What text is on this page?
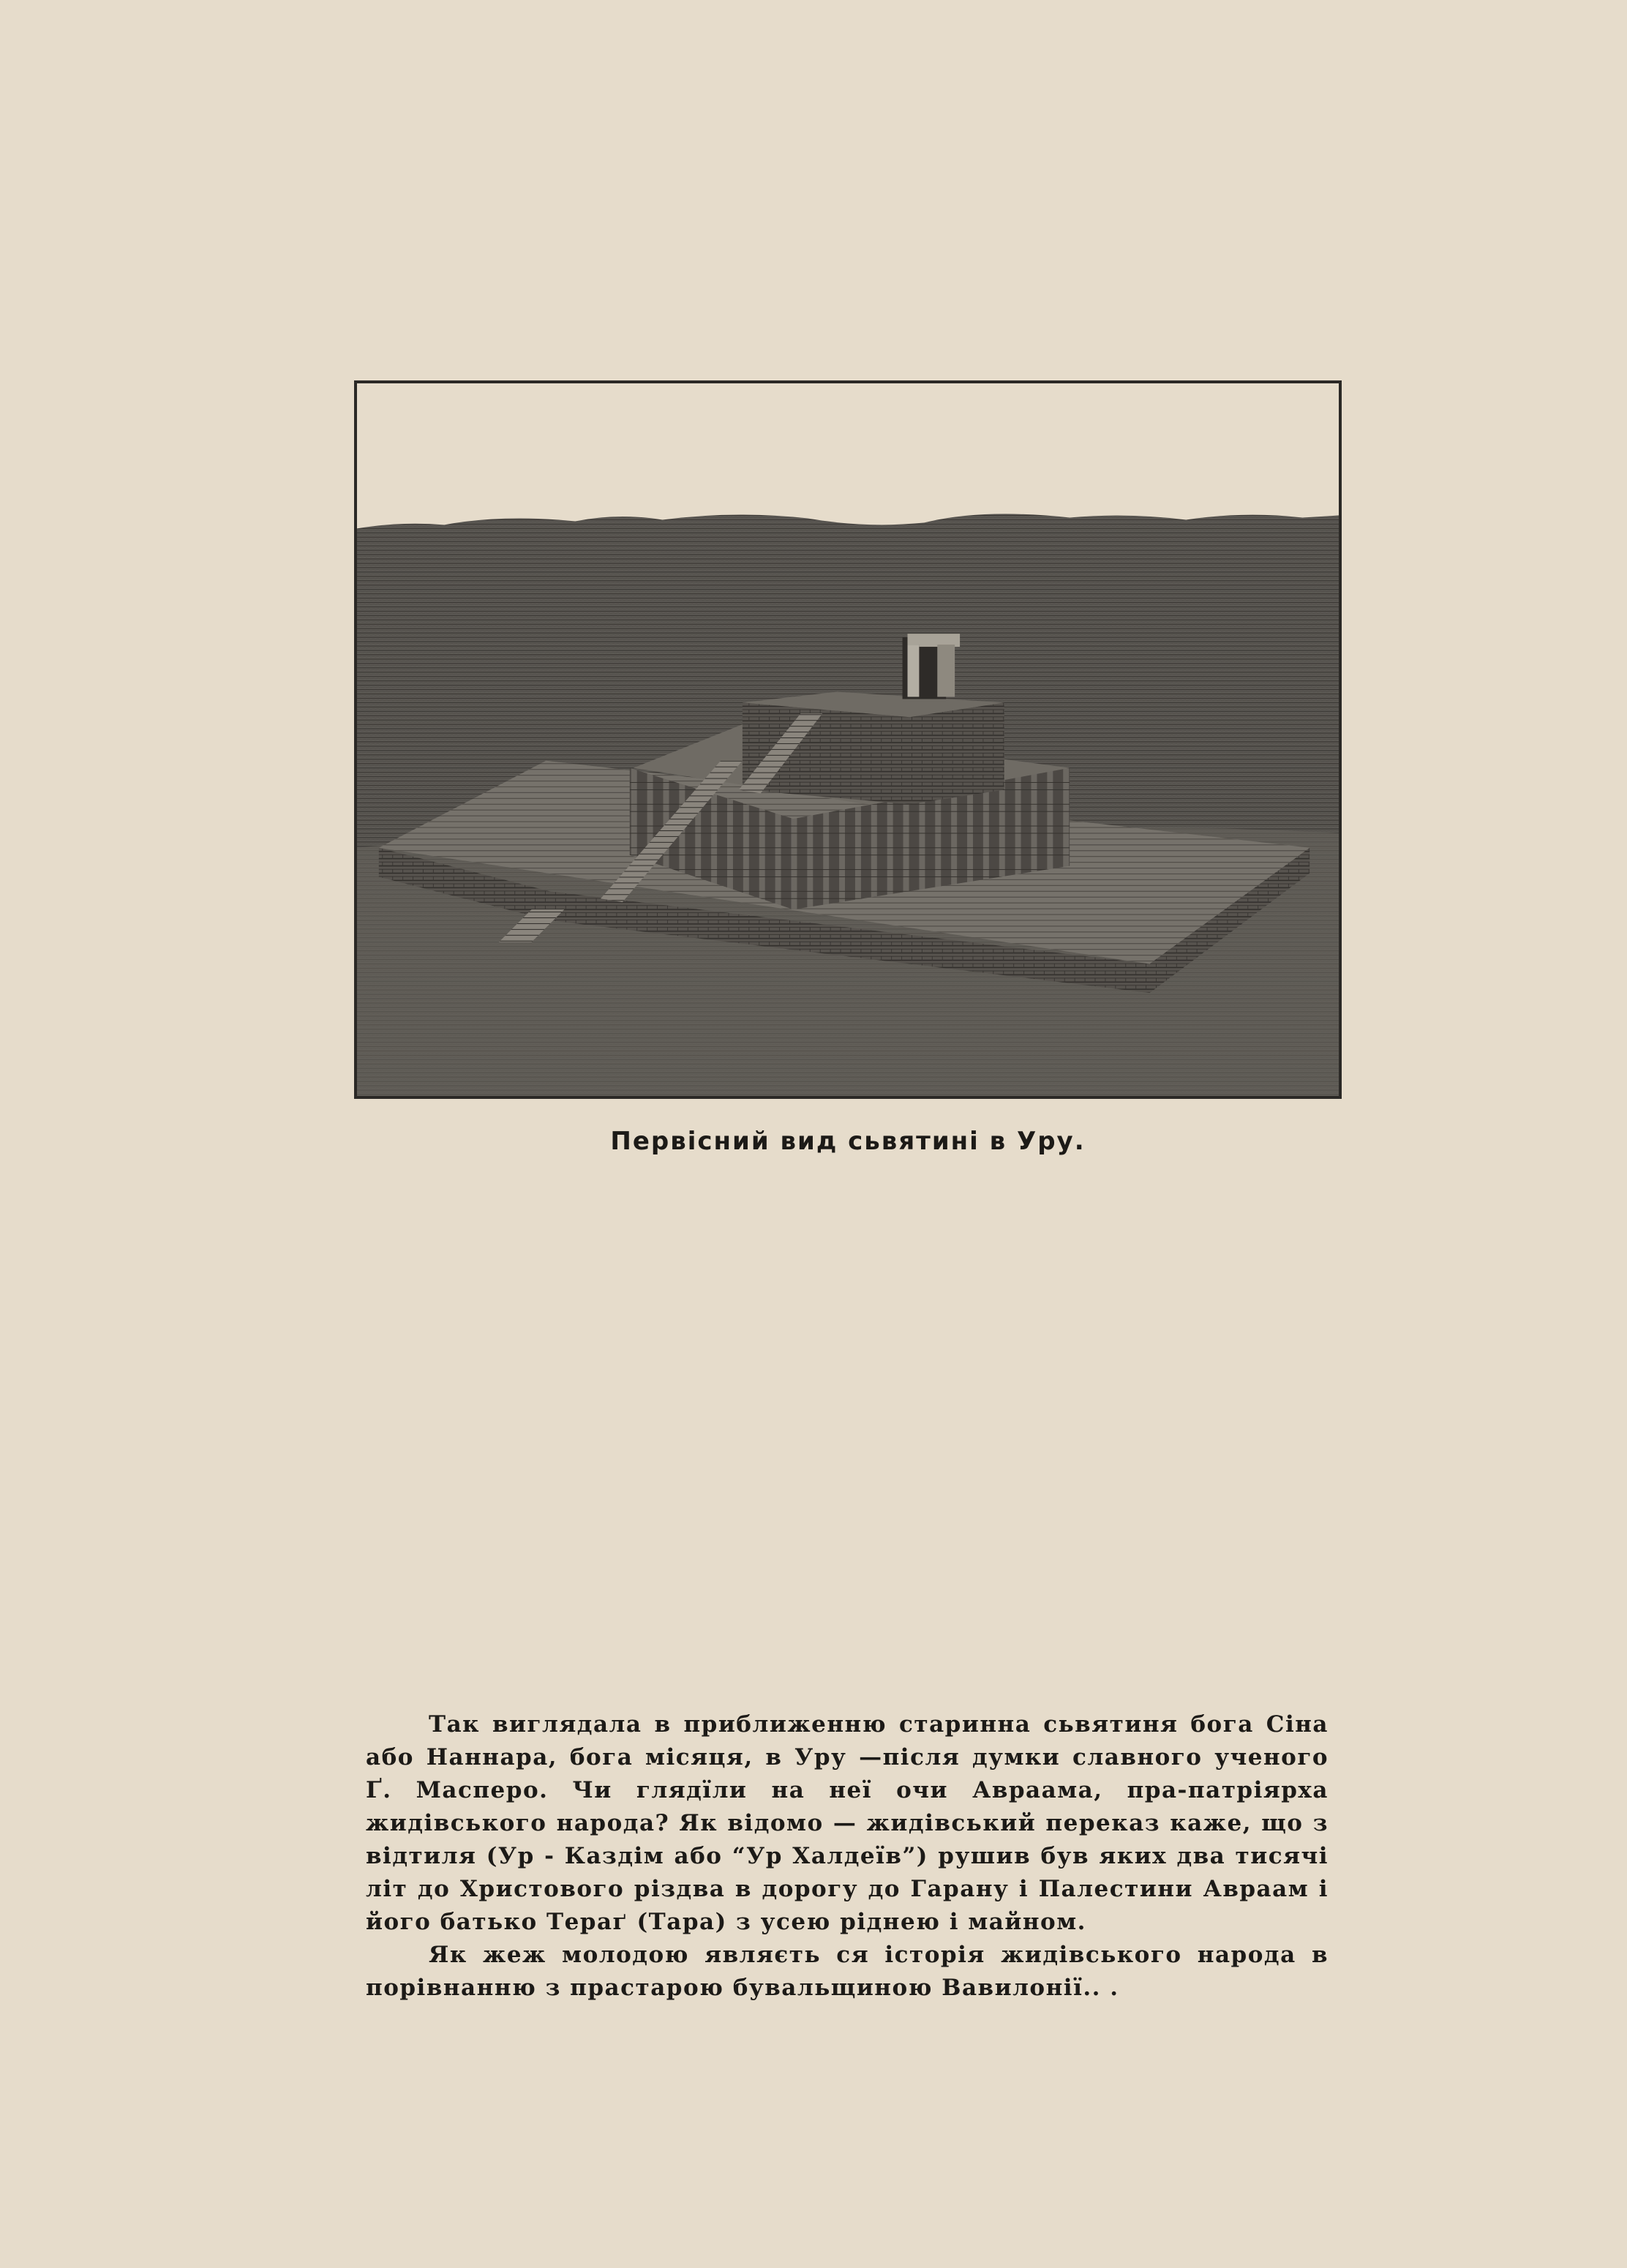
Первісний вид сьвятині в Уру.

Так виглядала в приближенню старинна сьвятиня бога Сіна або Наннара, бога місяця, в Уру —після думки славного ученого Ґ. Масперо. Чи глядїли на неї очи Авраама, пра-патріярха жидівського народа? Як відомо — жидівський переказ каже, що з відтиля (Ур - Каздім або “Ур Халдеїв”) рушив був яких два тисячі літ до Христового різдва в дорогу до Гарану і Палестини Авраам і його батько Тераґ (Тара) з усею ріднею і майном.

Як жеж молодою являєть ся історія жидівського народа в порівнанню з прастарою бувальщиною Вавилонії.. .
